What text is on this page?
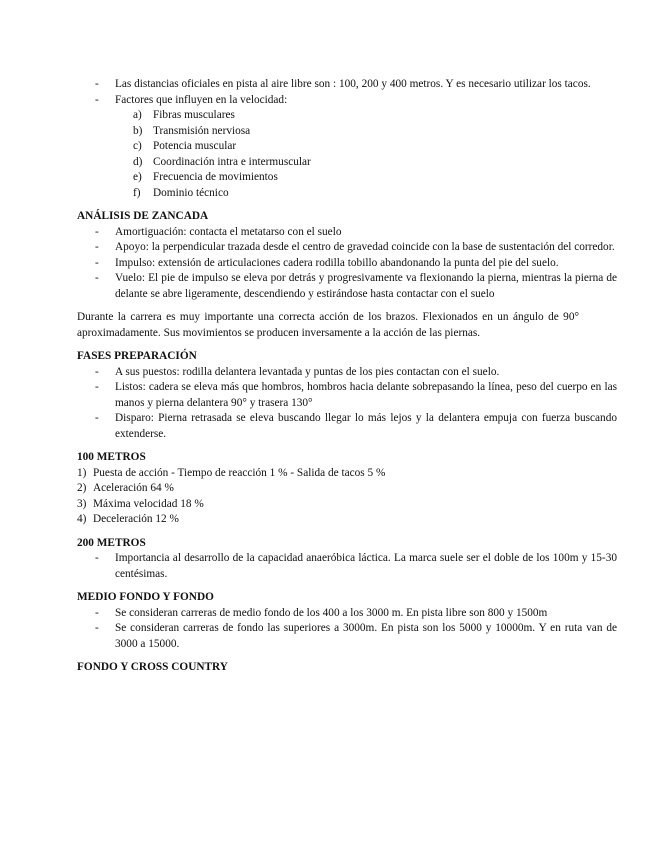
- Las distancias oficiales en pista al aire libre son : 100, 200 y 400 metros. Y es necesario utilizar los tacos.
- Factores que influyen en la velocidad:
a) Fibras musculares
b) Transmisión nerviosa
c) Potencia muscular
d) Coordinación intra e intermuscular
e) Frecuencia de movimientos
f) Dominio técnico
ANÁLISIS DE ZANCADA
- Amortiguación: contacta el metatarso con el suelo
- Apoyo: la perpendicular trazada desde el centro de gravedad coincide con la base de sustentación del corredor.
- Impulso: extensión de articulaciones cadera rodilla tobillo abandonando la punta del pie del suelo.
- Vuelo: El pie de impulso se eleva por detrás y progresivamente va flexionando la pierna, mientras la pierna de delante se abre ligeramente, descendiendo y estirándose hasta contactar con el suelo
Durante la carrera es muy importante una correcta acción de los brazos. Flexionados en un ángulo de 90° aproximadamente. Sus movimientos se producen inversamente a la acción de las piernas.
FASES PREPARACIÓN
- A sus puestos: rodilla delantera levantada y puntas de los pies contactan con el suelo.
- Listos: cadera se eleva más que hombros, hombros hacia delante sobrepasando la línea, peso del cuerpo en las manos y pierna delantera 90° y trasera 130°
- Disparo: Pierna retrasada se eleva buscando llegar lo más lejos y la delantera empuja con fuerza buscando extenderse.
100 METROS
1) Puesta de acción - Tiempo de reacción 1 % - Salida de tacos 5 %
2) Aceleración 64 %
3) Máxima velocidad 18 %
4) Deceleración 12 %
200 METROS
- Importancia al desarrollo de la capacidad anaeróbica láctica. La marca suele ser el doble de los 100m y 15-30 centésimas.
MEDIO FONDO Y FONDO
- Se consideran carreras de medio fondo de los 400 a los 3000 m. En pista libre son 800 y 1500m
- Se consideran carreras de fondo las superiores a 3000m. En pista son los 5000 y 10000m. Y en ruta van de 3000 a 15000.
FONDO Y CROSS COUNTRY
